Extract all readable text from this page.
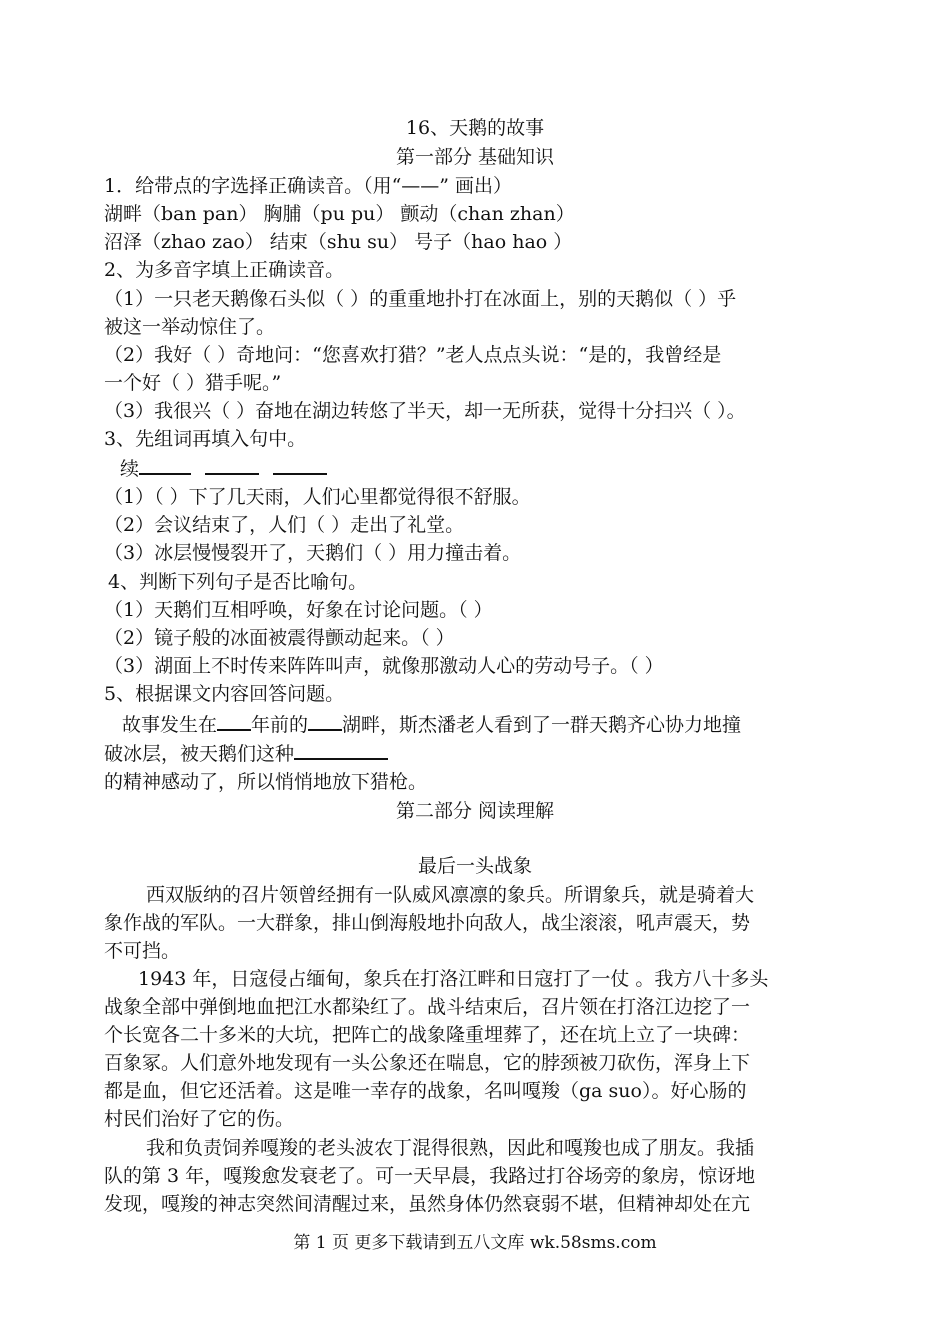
16、天鹅的故事
第一部分 基础知识
1．给带点的字选择正确读音。（用“——” 画出）
湖畔（ban pan） 胸脯（pu pu） 颤动（chan zhan）
沼泽（zhao zao） 结束（shu su） 号子（hao hao ）
2、为多音字填上正确读音。
（1）一只老天鹅像石头似（ ）的重重地扑打在冰面上，别的天鹅似（ ）乎
被这一举动惊住了。
（2）我好（ ）奇地问：“您喜欢打猎？”老人点点头说：“是的，我曾经是
一个好（ ）猎手呢。”
（3）我很兴（ ）奋地在湖边转悠了半天，却一无所获，觉得十分扫兴（ ）。
3、先组词再填入句中。
续
（1）（ ）下了几天雨，人们心里都觉得很不舒服。
（2）会议结束了，人们（ ）走出了礼堂。
（3）冰层慢慢裂开了，天鹅们（ ）用力撞击着。
4、判断下列句子是否比喻句。
（1）天鹅们互相呼唤，好象在讨论问题。（ ）
（2）镜子般的冰面被震得颤动起来。（ ）
（3）湖面上不时传来阵阵叫声，就像那激动人心的劳动号子。（ ）
5、根据课文内容回答问题。
故事发生在 年前的 湖畔，斯杰潘老人看到了一群天鹅齐心协力地撞
破冰层，被天鹅们这种
的精神感动了，所以悄悄地放下猎枪。
第二部分 阅读理解
最后一头战象
西双版纳的召片领曾经拥有一队威风凛凛的象兵。所谓象兵，就是骑着大
象作战的军队。一大群象，排山倒海般地扑向敌人，战尘滚滚，吼声震天，势
不可挡。
1943 年，日寇侵占缅甸，象兵在打洛江畔和日寇打了一仗 。我方八十多头
战象全部中弹倒地血把江水都染红了。战斗结束后，召片领在打洛江边挖了一
个长宽各二十多米的大坑，把阵亡的战象隆重埋葬了，还在坑上立了一块碑：
百象冢。人们意外地发现有一头公象还在喘息，它的脖颈被刀砍伤，浑身上下
都是血，但它还活着。这是唯一幸存的战象，名叫嘎羧（ga suo）。好心肠的
村民们治好了它的伤。
我和负责饲养嘎羧的老头波农丁混得很熟，因此和嘎羧也成了朋友。我插
队的第 3 年，嘎羧愈发衰老了。可一天早晨，我路过打谷场旁的象房，惊讶地
发现，嘎羧的神志突然间清醒过来，虽然身体仍然衰弱不堪，但精神却处在亢
第 1 页 更多下载请到五八文库 wk.58sms.com
